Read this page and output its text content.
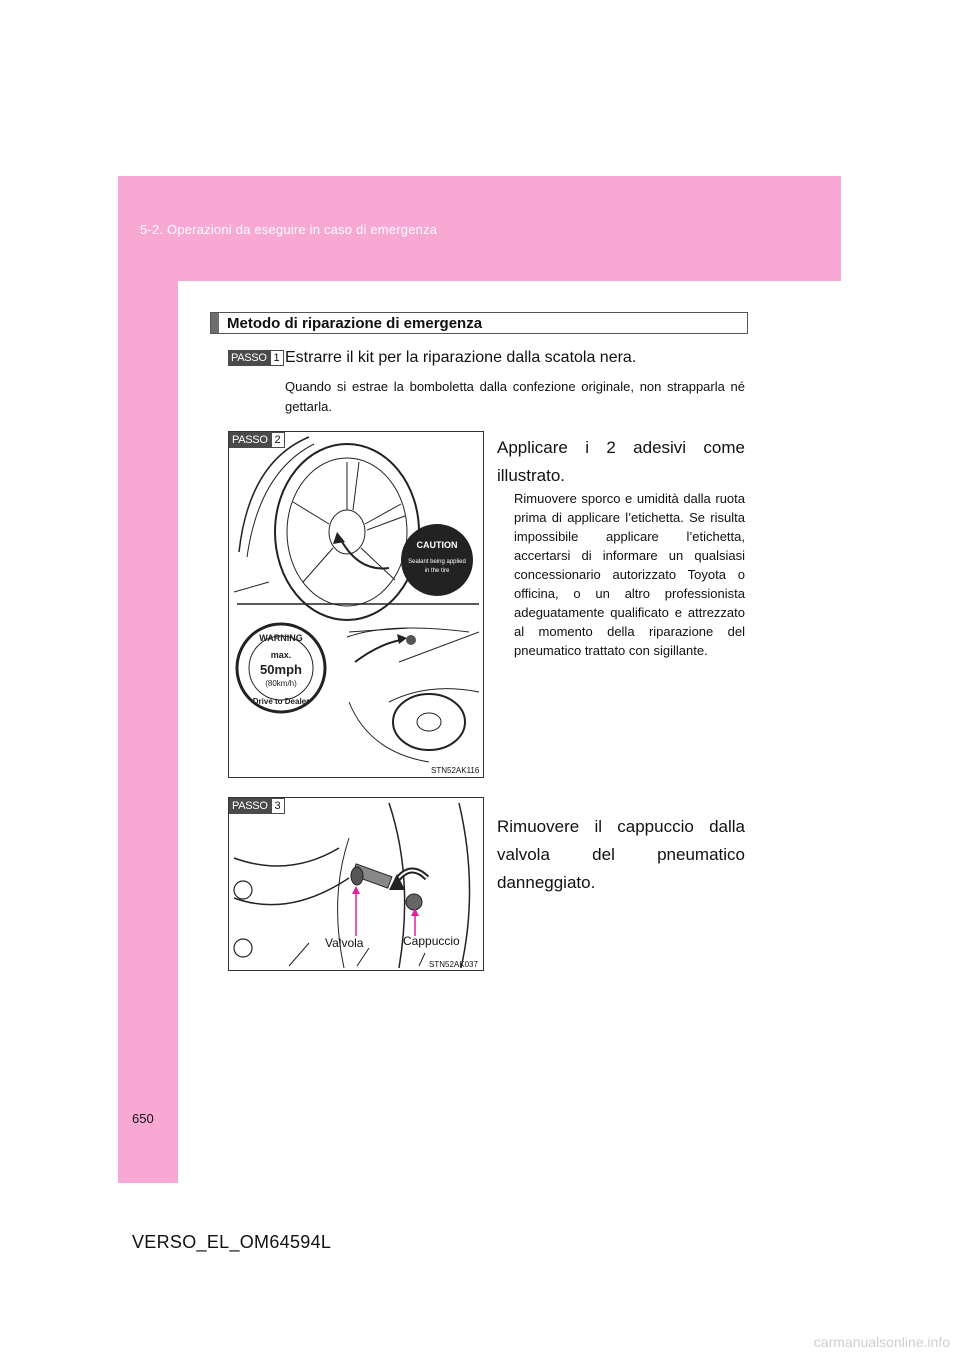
5-2. Operazioni da eseguire in caso di emergenza
Metodo di riparazione di emergenza
PASSO 1 Estrarre il kit per la riparazione dalla scatola nera.
Quando si estrae la bomboletta dalla confezione originale, non strapparla né gettarla.
CAUTION
Sealant being applied
in the tire
WARNING
max.
50mph
(80km/h)
Drive to Dealer
PASSO 2
STN52AK116
Applicare i 2 adesivi come illustrato.
Rimuovere sporco e umidità dalla ruota prima di applicare l’etichetta. Se risulta impossibile applicare l’etichetta, accertarsi di informare un qualsiasi concessionario autorizzato Toyota o officina, o un altro professionista adeguatamente qualificato e attrezzato al momento della riparazione del pneumatico trattato con sigillante.
PASSO 3
Valvola	Cappuccio
STN52AK037
Rimuovere il cappuccio dalla valvola del pneumatico danneggiato.
650
VERSO_EL_OM64594L
carmanualsonline.info
